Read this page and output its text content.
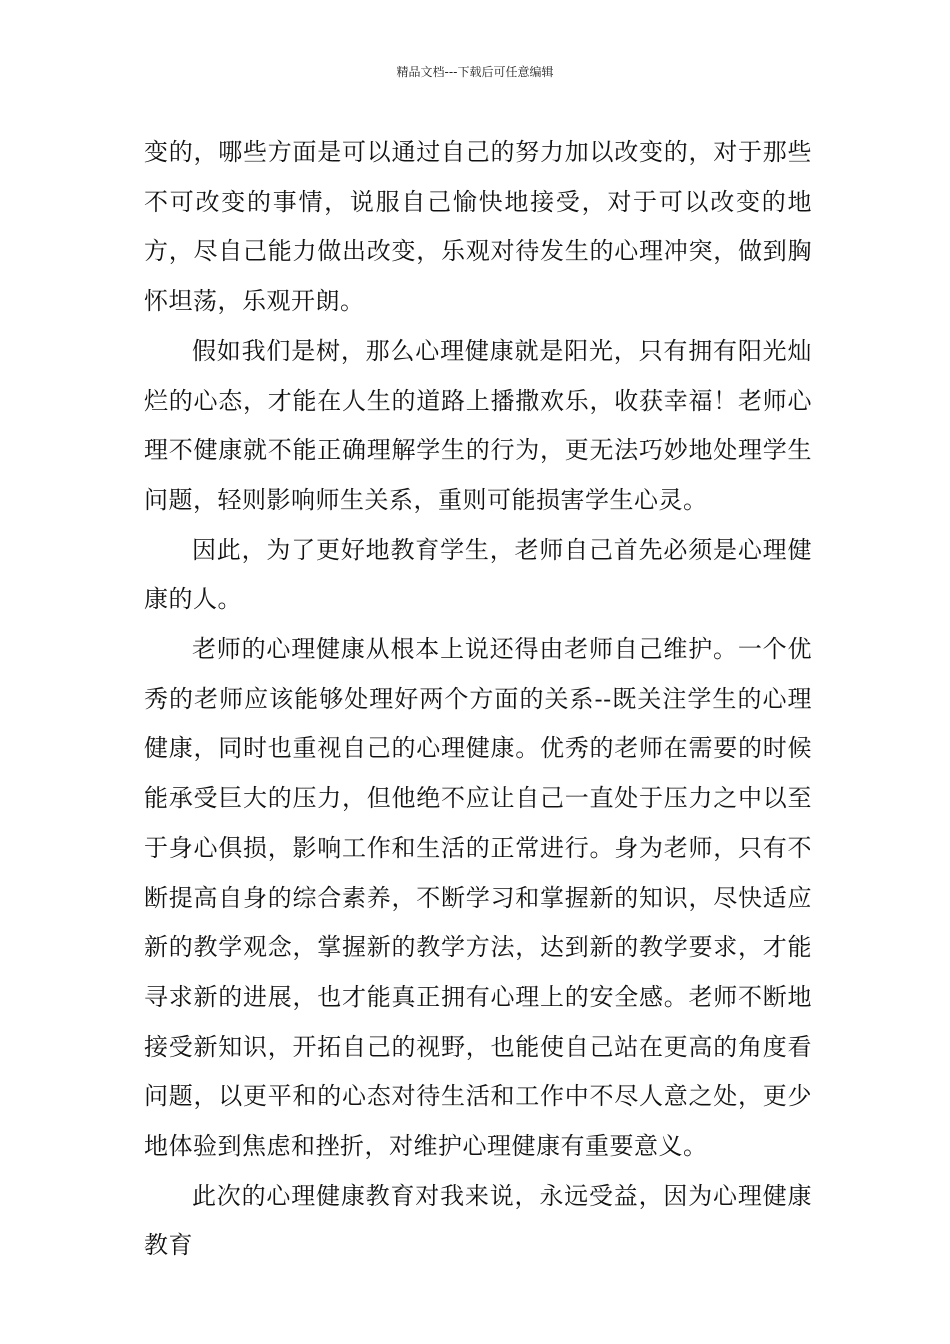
精品文档---下载后可任意编辑

变的，哪些方面是可以通过自己的努力加以改变的，对于那些不可改变的事情，说服自己愉快地接受，对于可以改变的地方，尽自己能力做出改变，乐观对待发生的心理冲突，做到胸怀坦荡，乐观开朗。

假如我们是树，那么心理健康就是阳光，只有拥有阳光灿烂的心态，才能在人生的道路上播撒欢乐，收获幸福！老师心理不健康就不能正确理解学生的行为，更无法巧妙地处理学生问题，轻则影响师生关系，重则可能损害学生心灵。

因此，为了更好地教育学生，老师自己首先必须是心理健康的人。

老师的心理健康从根本上说还得由老师自己维护。一个优秀的老师应该能够处理好两个方面的关系--既关注学生的心理健康，同时也重视自己的心理健康。优秀的老师在需要的时候能承受巨大的压力，但他绝不应让自己一直处于压力之中以至于身心俱损，影响工作和生活的正常进行。身为老师，只有不断提高自身的综合素养，不断学习和掌握新的知识，尽快适应新的教学观念，掌握新的教学方法，达到新的教学要求，才能寻求新的进展，也才能真正拥有心理上的安全感。老师不断地接受新知识，开拓自己的视野，也能使自己站在更高的角度看问题，以更平和的心态对待生活和工作中不尽人意之处，更少地体验到焦虑和挫折，对维护心理健康有重要意义。

此次的心理健康教育对我来说，永远受益，因为心理健康教育
